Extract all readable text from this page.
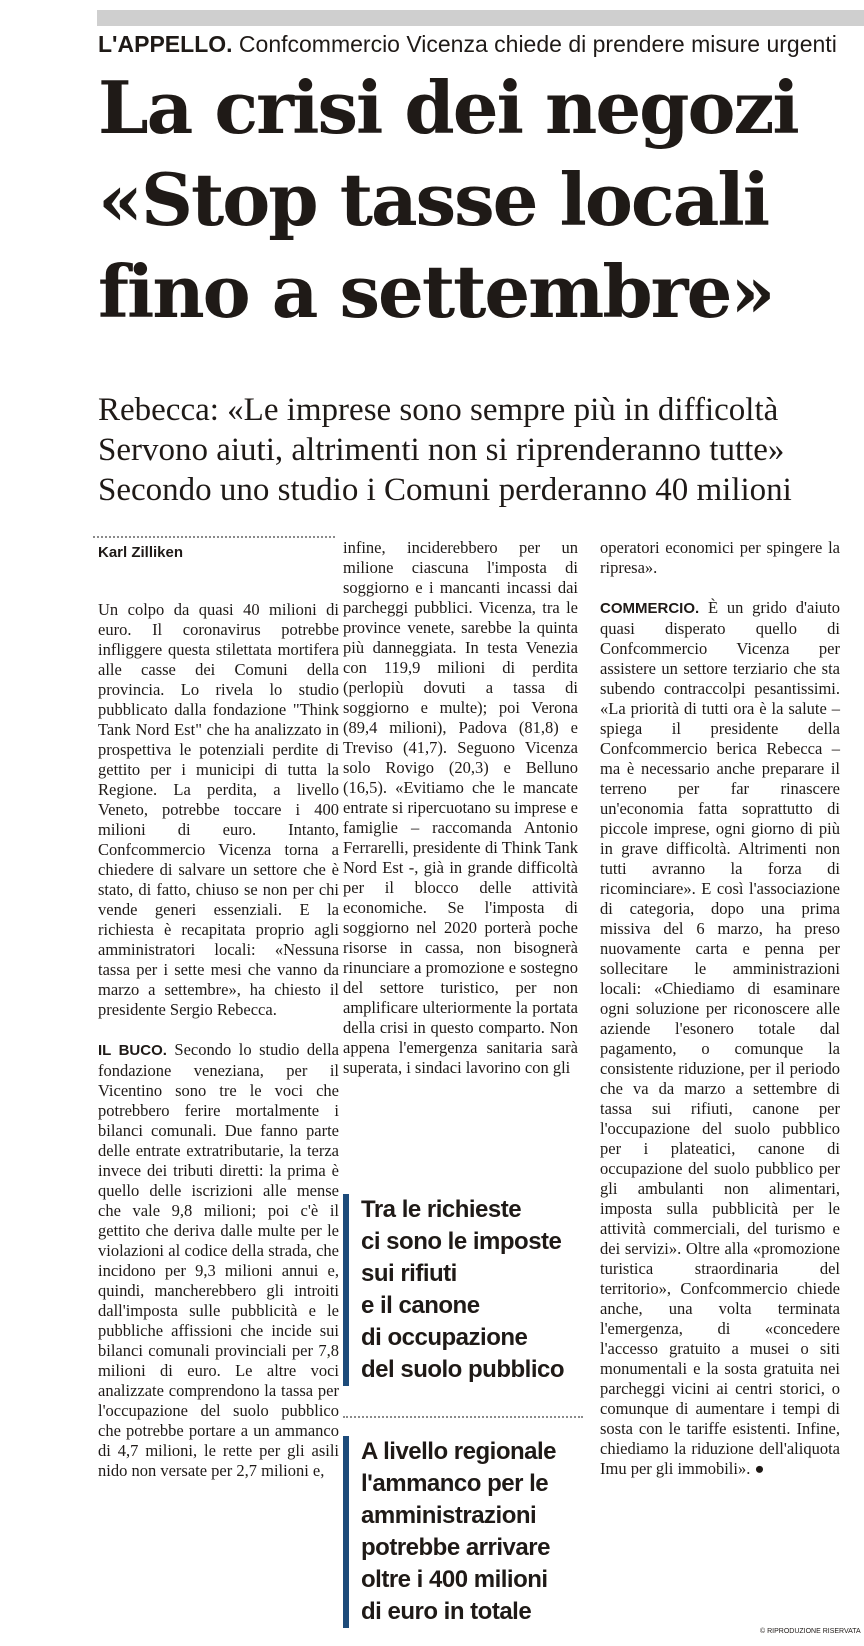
L'APPELLO. Confcommercio Vicenza chiede di prendere misure urgenti
La crisi dei negozi
«Stop tasse locali
fino a settembre»
Rebecca: «Le imprese sono sempre più in difficoltà
Servono aiuti, altrimenti non si riprenderanno tutte»
Secondo uno studio i Comuni perderanno 40 milioni
Karl Zilliken

Un colpo da quasi 40 milioni di euro. Il coronavirus potrebbe infliggere questa stilettata mortifera alle casse dei Comuni della provincia. Lo rivela lo studio pubblicato dalla fondazione "Think Tank Nord Est" che ha analizzato in prospettiva le potenziali perdite di gettito per i municipi di tutta la Regione. La perdita, a livello Veneto, potrebbe toccare i 400 milioni di euro. Intanto, Confcommercio Vicenza torna a chiedere di salvare un settore che è stato, di fatto, chiuso se non per chi vende generi essenziali. E la richiesta è recapitata proprio agli amministratori locali: «Nessuna tassa per i sette mesi che vanno da marzo a settembre», ha chiesto il presidente Sergio Rebecca.

IL BUCO. Secondo lo studio della fondazione veneziana, per il Vicentino sono tre le voci che potrebbero ferire mortalmente i bilanci comunali. Due fanno parte delle entrate extratributarie, la terza invece dei tributi diretti: la prima è quello delle iscrizioni alle mense che vale 9,8 milioni; poi c'è il gettito che deriva dalle multe per le violazioni al codice della strada, che incidono per 9,3 milioni annui e, quindi, mancherebbero gli introiti dall'imposta sulle pubblicità e le pubbliche affissioni che incide sui bilanci comunali provinciali per 7,8 milioni di euro. Le altre voci analizzate comprendono la tassa per l'occupazione del suolo pubblico che potrebbe portare a un ammanco di 4,7 milioni, le rette per gli asili nido non versate per 2,7 milioni e,

infine, inciderebbero per un milione ciascuna l'imposta di soggiorno e i mancanti incassi dai parcheggi pubblici. Vicenza, tra le province venete, sarebbe la quinta più danneggiata. In testa Venezia con 119,9 milioni di perdita (perlopiù dovuti a tassa di soggiorno e multe); poi Verona (89,4 milioni), Padova (81,8) e Treviso (41,7). Seguono Vicenza solo Rovigo (20,3) e Belluno (16,5). «Evitiamo che le mancate entrate si ripercuotano su imprese e famiglie – raccomanda Antonio Ferrarelli, presidente di Think Tank Nord Est -, già in grande difficoltà per il blocco delle attività economiche. Se l'imposta di soggiorno nel 2020 porterà poche risorse in cassa, non bisognerà rinunciare a promozione e sostegno del settore turistico, per non amplificare ulteriormente la portata della crisi in questo comparto. Non appena l'emergenza sanitaria sarà superata, i sindaci lavorino con gli

Tra le richieste
ci sono le imposte
sui rifiuti
e il canone
di occupazione
del suolo pubblico
A livello regionale
l'ammanco per le
amministrazioni
potrebbe arrivare
oltre i 400 milioni
di euro in totale

operatori economici per spingere la ripresa».

COMMERCIO. È un grido d'aiuto quasi disperato quello di Confcommercio Vicenza per assistere un settore terziario che sta subendo contraccolpi pesantissimi. «La priorità di tutti ora è la salute – spiega il presidente della Confcommercio berica Rebecca – ma è necessario anche preparare il terreno per far rinascere un'economia fatta soprattutto di piccole imprese, ogni giorno di più in grave difficoltà. Altrimenti non tutti avranno la forza di ricominciare». E così l'associazione di categoria, dopo una prima missiva del 6 marzo, ha preso nuovamente carta e penna per sollecitare le amministrazioni locali: «Chiediamo di esaminare ogni soluzione per riconoscere alle aziende l'esonero totale dal pagamento, o comunque la consistente riduzione, per il periodo che va da marzo a settembre di tassa sui rifiuti, canone per l'occupazione del suolo pubblico per i plateatici, canone di occupazione del suolo pubblico per gli ambulanti non alimentari, imposta sulla pubblicità per le attività commerciali, del turismo e dei servizi». Oltre alla «promozione turistica straordinaria del territorio», Confcommercio chiede anche, una volta terminata l'emergenza, di «concedere l'accesso gratuito a musei o siti monumentali e la sosta gratuita nei parcheggi vicini ai centri storici, o comunque di aumentare i tempi di sosta con le tariffe esistenti. Infine, chiediamo la riduzione dell'aliquota Imu per gli immobili». ●

© RIPRODUZIONE RISERVATA
